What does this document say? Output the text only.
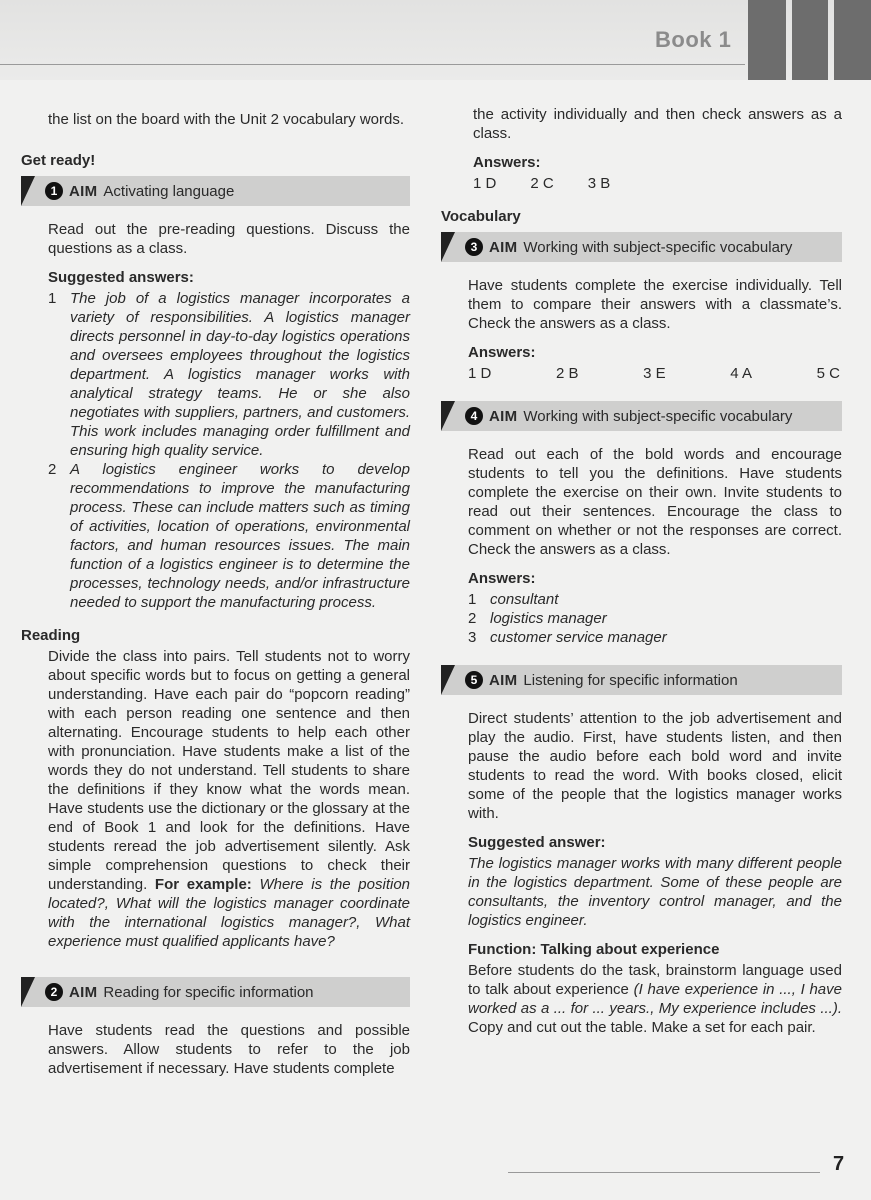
Book 1

the list on the board with the Unit 2 vocabulary words.

Get ready!
1 AIM Activating language

Read out the pre-reading questions. Discuss the questions as a class.

Suggested answers:
1 The job of a logistics manager incorporates a variety of responsibilities. A logistics manager directs personnel in day-to-day logistics operations and oversees employees throughout the logistics department. A logistics manager works with analytical strategy teams. He or she also negotiates with suppliers, partners, and customers. This work includes managing order fulfillment and ensuring high quality service.
2 A logistics engineer works to develop recommendations to improve the manufacturing process. These can include matters such as timing of activities, location of operations, environmental factors, and human resources issues. The main function of a logistics engineer is to determine the processes, technology needs, and/or infrastructure needed to support the manufacturing process.
Reading

Divide the class into pairs. Tell students not to worry about specific words but to focus on getting a general understanding. Have each pair do “popcorn reading” with each person reading one sentence and then alternating. Encourage students to help each other with pronunciation. Have students make a list of the words they do not understand. Tell students to share the definitions if they know what the words mean. Have students use the dictionary or the glossary at the end of Book 1 and look for the definitions. Have students reread the job advertisement silently. Ask simple comprehension questions to check their understanding. For example: Where is the position located?, What will the logistics manager coordinate with the international logistics manager?, What experience must qualified applicants have?

2 AIM Reading for specific information

Have students read the questions and possible answers. Allow students to refer to the job advertisement if necessary. Have students complete

the activity individually and then check answers as a class.

Answers:
1 D 2 C 3 B
Vocabulary
3 AIM Working with subject-specific vocabulary

Have students complete the exercise individually. Tell them to compare their answers with a classmate’s. Check the answers as a class.

Answers:
1 D	2 B	3 E	4 A	5 C
4 AIM Working with subject-specific vocabulary

Read out each of the bold words and encourage students to tell you the definitions. Have students complete the exercise on their own. Invite students to read out their sentences. Encourage the class to comment on whether or not the responses are correct. Check the answers as a class.

Answers:
1 consultant
2 logistics manager
3 customer service manager
5 AIM Listening for specific information

Direct students’ attention to the job advertisement and play the audio. First, have students listen, and then pause the audio before each bold word and invite students to read the word. With books closed, elicit some of the people that the logistics manager works with.

Suggested answer:

The logistics manager works with many different people in the logistics department. Some of these people are consultants, the inventory control manager, and the logistics engineer.

Function: Talking about experience

Before students do the task, brainstorm language used to talk about experience (I have experience in ..., I have worked as a ... for ... years., My experience includes ...). Copy and cut out the table. Make a set for each pair.

7
